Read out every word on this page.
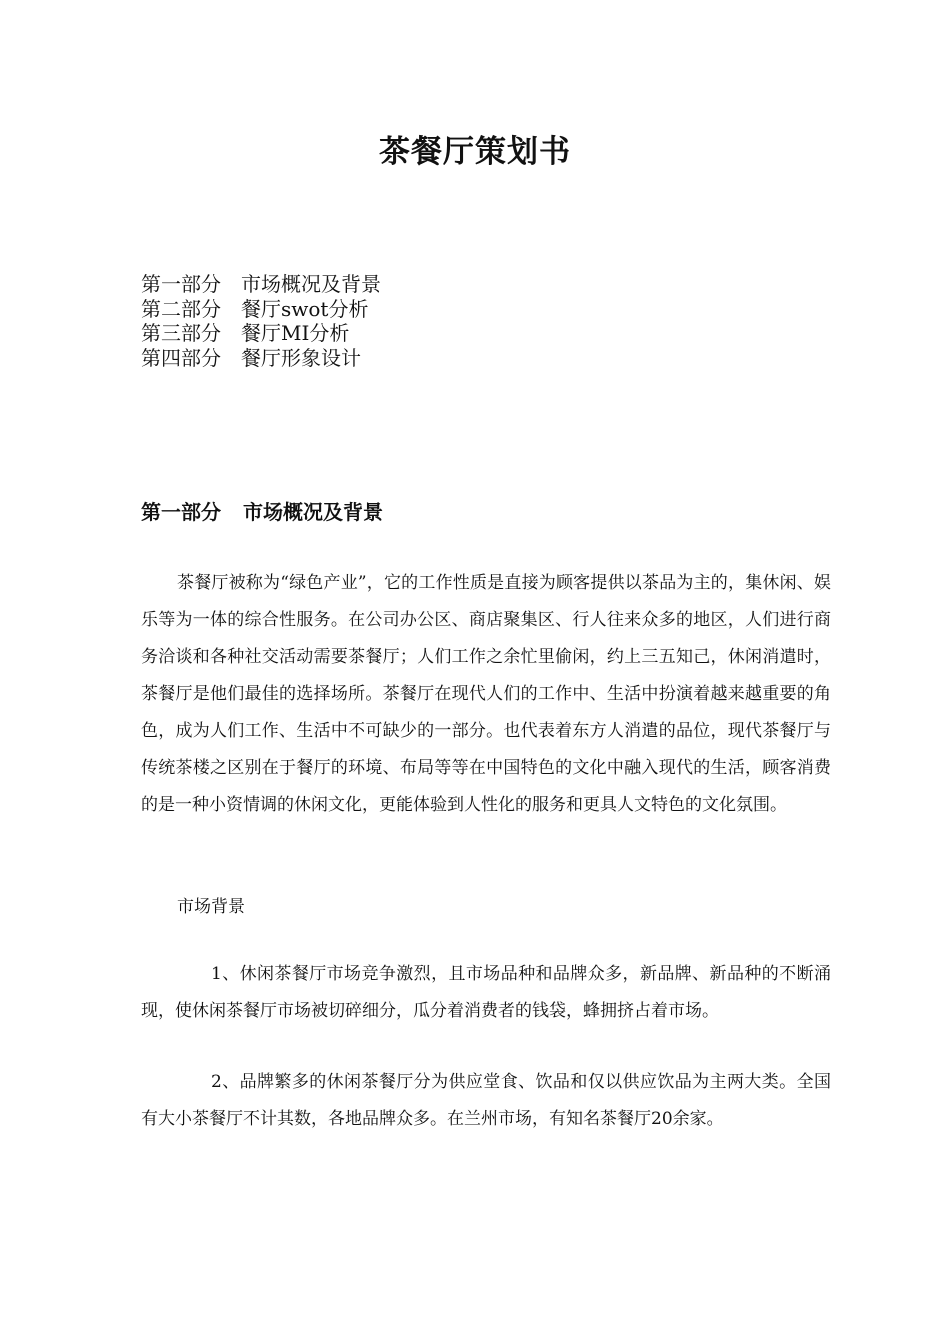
茶餐厅策划书
第一部分 市场概况及背景
第二部分 餐厅swot分析
第三部分 餐厅MI分析
第四部分 餐厅形象设计
第一部分 市场概况及背景

茶餐厅被称为“绿色产业”，它的工作性质是直接为顾客提供以茶品为主的，集休闲、娱乐等为一体的综合性服务。在公司办公区、商店聚集区、行人往来众多的地区，人们进行商务洽谈和各种社交活动需要茶餐厅；人们工作之余忙里偷闲，约上三五知己，休闲消遣时，茶餐厅是他们最佳的选择场所。茶餐厅在现代人们的工作中、生活中扮演着越来越重要的角色，成为人们工作、生活中不可缺少的一部分。也代表着东方人消遣的品位，现代茶餐厅与传统茶楼之区别在于餐厅的环境、布局等等在中国特色的文化中融入现代的生活，顾客消费的是一种小资情调的休闲文化，更能体验到人性化的服务和更具人文特色的文化氛围。

市场背景

1、休闲茶餐厅市场竞争激烈，且市场品种和品牌众多，新品牌、新品种的不断涌现，使休闲茶餐厅市场被切碎细分，瓜分着消费者的钱袋，蜂拥挤占着市场。

2、品牌繁多的休闲茶餐厅分为供应堂食、饮品和仅以供应饮品为主两大类。全国有大小茶餐厅不计其数，各地品牌众多。在兰州市场，有知名茶餐厅20余家。
